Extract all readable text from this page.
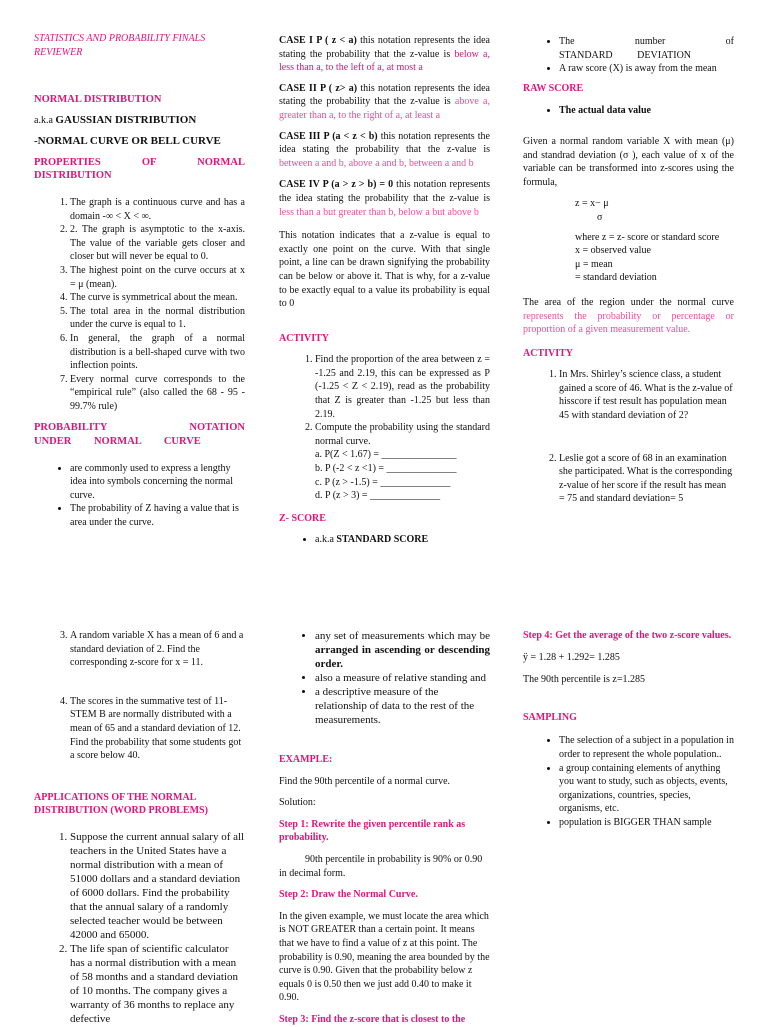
STATISTICS AND PROBABILITY FINALS REVIEWER

NORMAL DISTRIBUTION

a.k.a GAUSSIAN DISTRIBUTION

-NORMAL CURVE OR BELL CURVE

PROPERTIES OF NORMAL DISTRIBUTION

1. The graph is a continuous curve and has a domain -∞ < X < ∞.
2. 2. The graph is asymptotic to the x-axis. The value of the variable gets closer and closer but will never be equal to 0.
3. The highest point on the curve occurs at x = μ (mean).
4. The curve is symmetrical about the mean.
5. The total area in the normal distribution under the curve is equal to 1.
6. In general, the graph of a normal distribution is a bell-shaped curve with two inflection points.
7. Every normal curve corresponds to the “empirical rule” (also called the 68 - 95 - 99.7% rule)

PROBABILITY NOTATION UNDER NORMAL CURVE

• are commonly used to express a lengthy idea into symbols concerning the normal curve.
• The probability of Z having a value that is area under the curve.

CASE I P ( z < a) this notation represents the idea stating the probability that the z-value is below a, less than a, to the left of a, at most a

CASE II P ( z> a) this notation represents the idea stating the probability that the z-value is above a, greater than a, to the right of a, at least a

CASE III P (a < z < b) this notation represents the idea stating the probability that the z-value is between a and b, above a and b, between a and b

CASE IV P (a > z > b) = 0 this notation represents the idea stating the probability that the z-value is less than a but greater than b, below a but above b

This notation indicates that a z-value is equal to exactly one point on the curve. With that single point, a line can be drawn signifying the probability can be below or above it. That is why, for a z-value to be exactly equal to a value its probability is equal to 0

ACTIVITY

1. Find the proportion of the area between z = -1.25 and 2.19, this can be expressed as P (-1.25 < Z < 2.19), read as the probability that Z is greater than -1.25 but less than 2.19.
2. Compute the probability using the standard normal curve.

a. P(Z < 1.67) = _______________

b. P (-2 < z <1) = ______________

c. P (z > -1.5) = ______________

d. P (z > 3) = ______________

Z- SCORE

• a.k.a STANDARD SCORE
• The number of STANDARD DEVIATION
• A raw score (X) is away from the mean

RAW SCORE

• The actual data value

Given a normal random variable X with mean (μ) and standrad deviation (σ ), each value of x of the variable can be transformed into z-scores using the formula,

z = x− μ

σ

where z = z- score or standard score

x = observed value

μ = mean

= standard deviation

The area of the region under the normal curve represents the probability or percentage or proportion of a given measurement value.

ACTIVITY

1. In Mrs. Shirley’s science class, a student gained a score of 46. What is the z-value of hisscore if test result has population mean 45 with standard deviation of 2?
2. Leslie got a score of 68 in an examination she participated. What is the corresponding z-value of her score if the result has mean = 75 and standard deviation= 5
3. A random variable X has a mean of 6 and a standard deviation of 2. Find the corresponding z-score for x = 11.
4. The scores in the summative test of 11-STEM B are normally distributed with a mean of 65 and a standard deviation of 12. Find the probability that some students got a score below 40.

APPLICATIONS OF THE NORMAL DISTRIBUTION (WORD PROBLEMS)

1. Suppose the current annual salary of all teachers in the United States have a normal distribution with a mean of 51000 dollars and a standard deviation of 6000 dollars. Find the probability that the annual salary of a randomly selected teacher would be between 42000 and 65000.
2. The life span of scientific calculator has a normal distribution with a mean of 58 months and a standard deviation of 10 months. The company gives a warranty of 36 months to replace any defective
• any set of measurements which may be arranged in ascending or descending order.
• also a measure of relative standing and
• a descriptive measure of the relationship of data to the rest of the measurements.

EXAMPLE:

Find the 90th percentile of a normal curve.

Solution:

Step 1: Rewrite the given percentile rank as probability.

90th percentile in probability is 90% or 0.90 in decimal form.

Step 2: Draw the Normal Curve.

In the given example, we must locate the area which is NOT GREATER than a certain point. It means that we have to find a value of z at this point. The probability is 0.90, meaning the area bounded by the curve is 0.90. Given that the probability below z equals 0 is 0.50 then we just add 0.40 to make it 0.90.

Step 3: Find the z-score that is closest to the

Step 4: Get the average of the two z-score values.

ÿ = 1.28 + 1.292= 1.285

The 90th percentile is z=1.285

SAMPLING

• The selection of a subject in a population in order to represent the whole population..
• a group containing elements of anything you want to study, such as objects, events, organizations, countries, species, organisms, etc.
• population is BIGGER THAN sample
